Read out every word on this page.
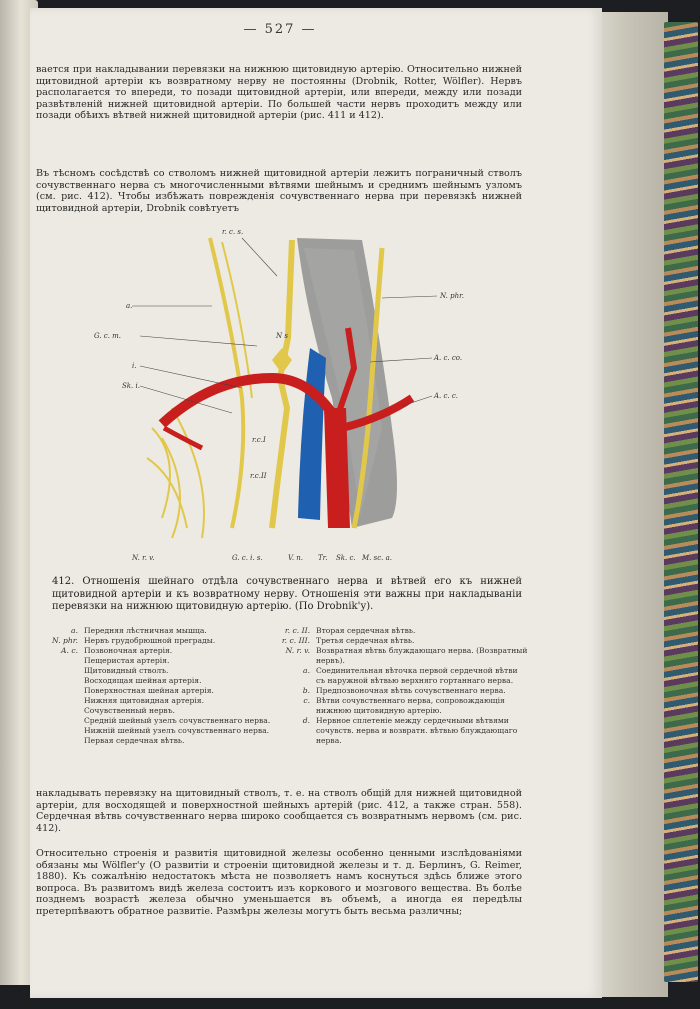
— 527 —
вается при накладывании перевязки на нижнюю щитовидную артерію. Относительно нижней щитовидной артеріи къ возвратному нерву не постоянны (Drobnik, Rotter, Wölfler). Нервъ располагается то впереди, то позади щитовидной артеріи, или впереди, между или позади развѣтвленій нижней щитовидной артеріи. По большей части нервъ проходитъ между или позади обѣихъ вѣтвей нижней щитовидной артеріи (рис. 411 и 412).
Въ тѣсномъ сосѣдствѣ со стволомъ нижней щитовидной артеріи лежитъ пограничный стволъ сочувственнаго нерва съ многочисленными вѣтвями шейнымъ и среднимъ шейнымъ узломъ (см. рис. 412). Чтобы избѣжать поврежденія сочувственнаго нерва при перевязкѣ нижней щитовидной артеріи, Drobnik совѣтуетъ
r. c. s.
a.
G. c. m.
i.
Sk. i.
N. phr.
A. c. co.
A. c. c.
N s
r.c.I
r.c.II
N. r. v.	G. c. i. s.	V. n. Tr. Sk. c. M. sc. a.
412. Отношенія шейнаго отдѣла сочувственнаго нерва и вѣтвей его къ нижней щитовидной артеріи и къ возвратному нерву. Отношенія эти важны при накладываніи перевязки на нижнюю щитовидную артерію. (По Drobnik'у).
a. Передняя лѣстничная мышца.
N. phr. Нервъ грудобрюшной преграды.
A. c. Позвоночная артерія.
Пещеристая артерія.
Щитовидный стволъ.
Восходящая шейная артерія.
Поверхностная шейная артерія.
Нижняя щитовидная артерія.
Сочувственный нервъ.
Средній шейный узелъ сочувственнаго нерва.
Нижній шейный узелъ сочувственнаго нерва.
Первая сердечная вѣтвь.
r. c. II. Вторая сердечная вѣтвь.
r. c. III. Третья сердечная вѣтвь.
N. r. v. Возвратная вѣтвь блуждающаго нерва. (Возвратный нервъ).
a. Соединительная вѣточка первой сердечной вѣтви съ наружной вѣтвью верхняго гортаннаго нерва.
b. Предпозвоночная вѣтвь сочувственнаго нерва.
c. Вѣтви сочувственнаго нерва, сопровождающія нижнюю щитовидную артерію.
d. Нервное сплетеніе между сердечными вѣтвями сочувств. нерва и возвратн. вѣтвью блуждающаго нерва.
накладывать перевязку на щитовидный стволъ, т. е. на стволъ общій для нижней щитовидной артеріи, для восходящей и поверхностной шейныхъ артерій (рис. 412, а также стран. 558). Сердечная вѣтвь сочувственнаго нерва широко сообщается съ возвратнымъ нервомъ (см. рис. 412).
Относительно строенія и развитія щитовидной железы особенно ценными изслѣдованіями обязаны мы Wölfler'у (О развитіи и строеніи щитовидной железы и т. д. Берлинъ, G. Reimer, 1880). Къ сожалѣнію недостатокъ мѣста не позволяетъ намъ коснуться здѣсь ближе этого вопроса. Въ развитомъ видѣ железа состоитъ изъ коркового и мозгового вещества. Въ болѣе позднемъ возрастѣ железа обычно уменьшается въ объемѣ, а иногда ея передѣлы претерпѣваютъ обратное развитіе. Размѣры железы могутъ быть весьма различны;
